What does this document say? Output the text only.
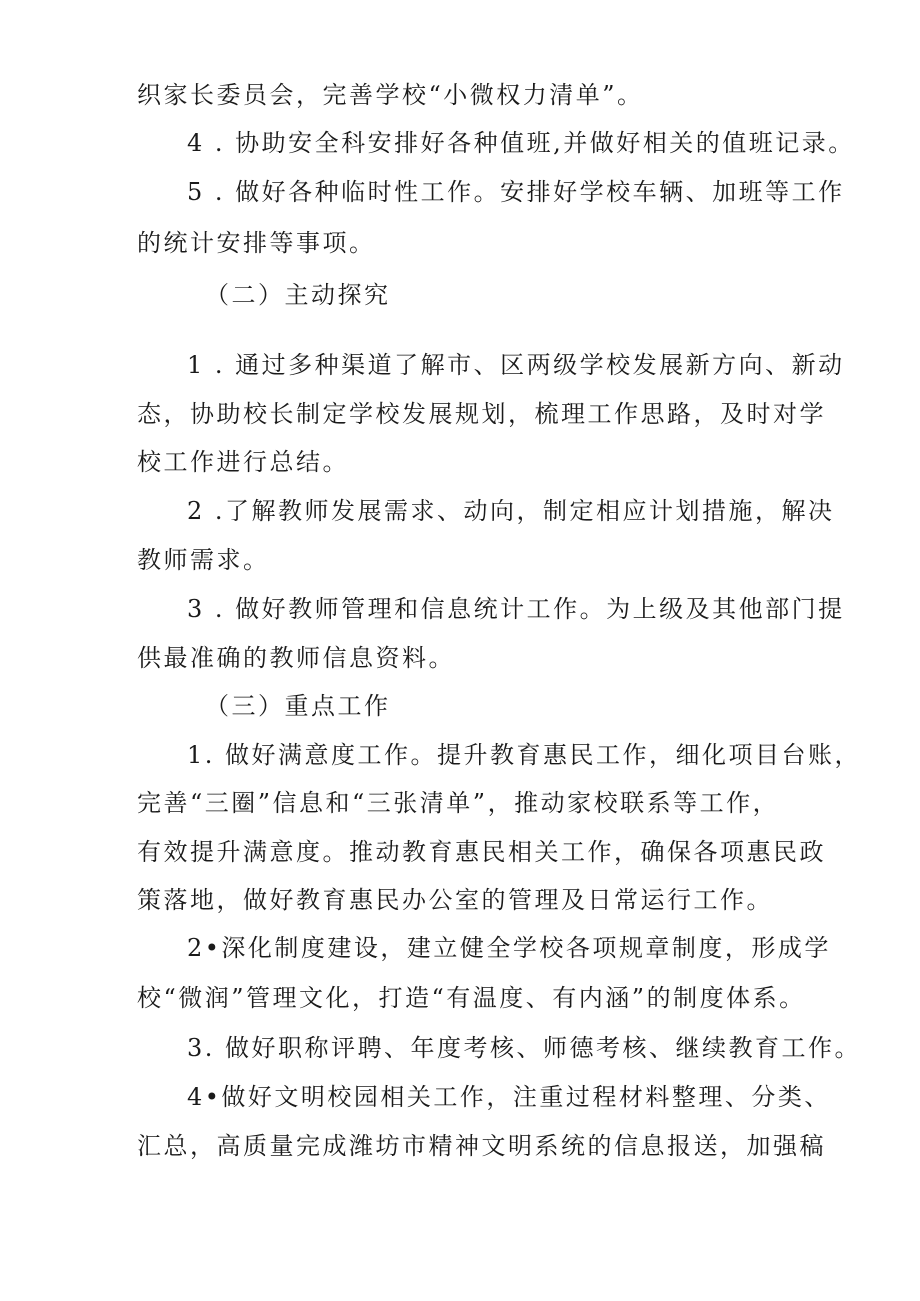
织家长委员会，完善学校“小微权力清单”。
4 . 协助安全科安排好各种值班,并做好相关的值班记录。
5 . 做好各种临时性工作。安排好学校车辆、加班等工作
的统计安排等事项。
（二）主动探究
1 . 通过多种渠道了解市、区两级学校发展新方向、新动
态，协助校长制定学校发展规划，梳理工作思路，及时对学
校工作进行总结。
2 .了解教师发展需求、动向，制定相应计划措施，解决
教师需求。
3 . 做好教师管理和信息统计工作。为上级及其他部门提
供最准确的教师信息资料。
（三）重点工作
1. 做好满意度工作。提升教育惠民工作，细化项目台账，
完善“三圈”信息和“三张清单”，推动家校联系等工作，
有效提升满意度。推动教育惠民相关工作，确保各项惠民政
策落地，做好教育惠民办公室的管理及日常运行工作。
2•深化制度建设，建立健全学校各项规章制度，形成学
校“微润”管理文化，打造“有温度、有内涵”的制度体系。
3. 做好职称评聘、年度考核、师德考核、继续教育工作。
4•做好文明校园相关工作，注重过程材料整理、分类、
汇总，高质量完成潍坊市精神文明系统的信息报送，加强稿
